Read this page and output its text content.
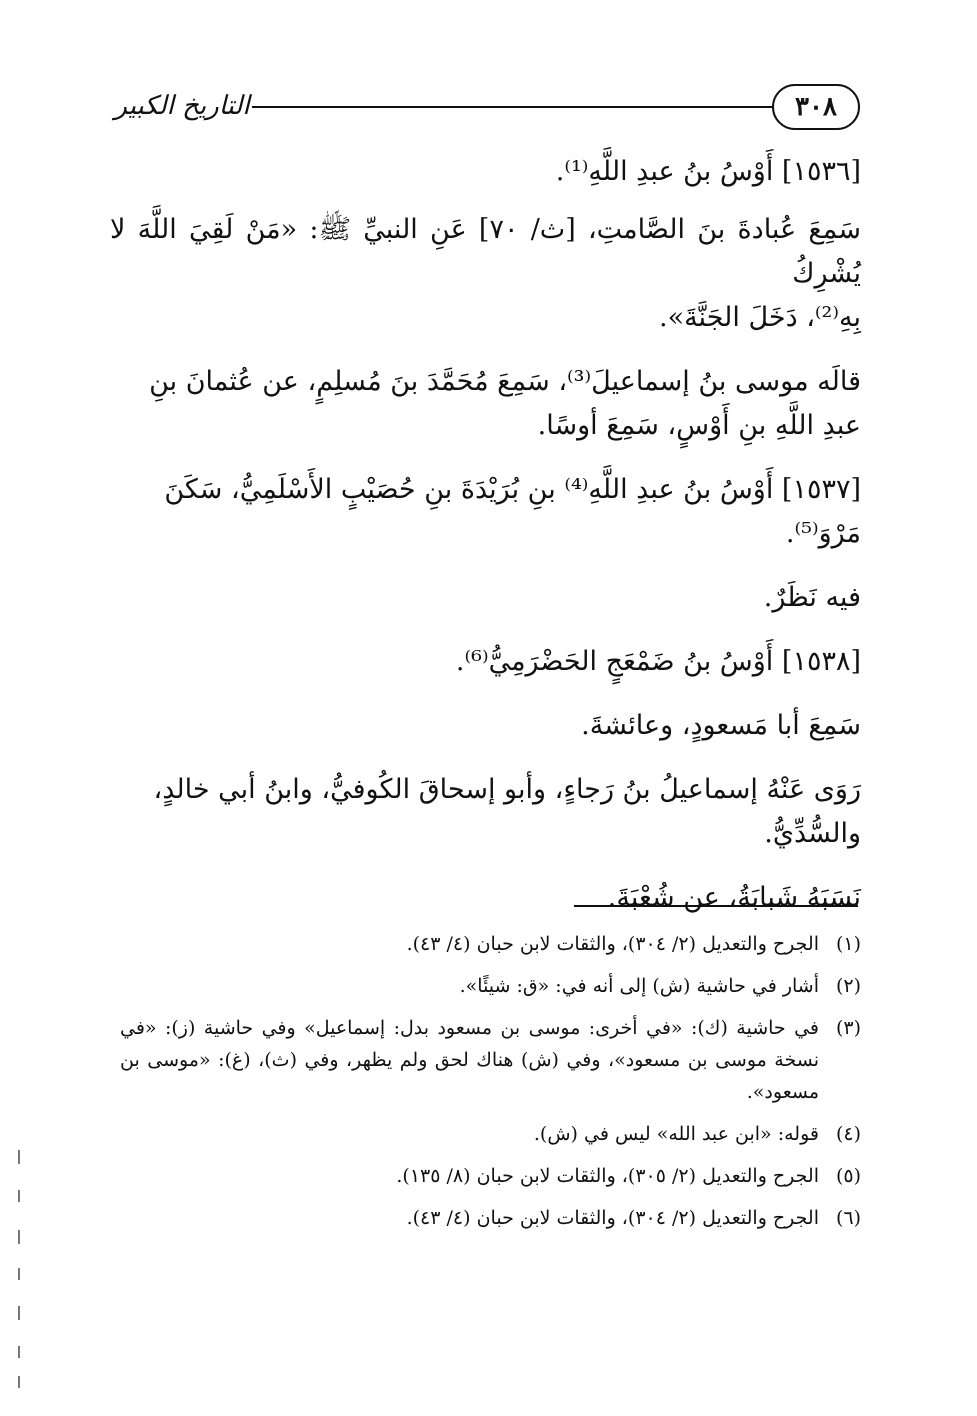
٣٠٨
التاريخ الكبير

[١٥٣٦] أَوْسُ بنُ عبدِ اللَّهِ⁽¹⁾.

سَمِعَ عُبادةَ بنَ الصَّامتِ، [ث/ ٧٠] عَنِ النبيِّ ﷺ: «مَنْ لَقِيَ اللَّهَ لا يُشْرِكُ

بِهِ⁽²⁾، دَخَلَ الجَنَّةَ».

قالَه موسى بنُ إسماعيلَ⁽³⁾، سَمِعَ مُحَمَّدَ بنَ مُسلِمٍ، عن عُثمانَ بنِ

عبدِ اللَّهِ بنِ أَوْسٍ، سَمِعَ أوسًا.

[١٥٣٧] أَوْسُ بنُ عبدِ اللَّهِ⁽⁴⁾ بنِ بُرَيْدَةَ بنِ حُصَيْبٍ الأَسْلَمِيُّ، سَكَنَ

مَرْوَ⁽⁵⁾.

فيه نَظَرٌ.

[١٥٣٨] أَوْسُ بنُ ضَمْعَجٍ الحَضْرَمِيُّ⁽⁶⁾.

سَمِعَ أبا مَسعودٍ، وعائشةَ.

رَوَى عَنْهُ إسماعيلُ بنُ رَجاءٍ، وأبو إسحاقَ الكُوفيُّ، وابنُ أبي خالدٍ،

والسُّدِّيُّ.

نَسَبَهُ شَبابَةُ، عن شُعْبَةَ.

(١)
الجرح والتعديل (٢/ ٣٠٤)، والثقات لابن حبان (٤/ ٤٣).
(٢)
أشار في حاشية (ش) إلى أنه في: «ق: شيئًا».
(٣)
في حاشية (ك): «في أخرى: موسى بن مسعود بدل: إسماعيل» وفي حاشية (ز): «في نسخة موسى بن مسعود»، وفي (ش) هناك لحق ولم يظهر، وفي (ث)، (غ): «موسى بن مسعود».
(٤)
قوله: «ابن عبد الله» ليس في (ش).
(٥)
الجرح والتعديل (٢/ ٣٠٥)، والثقات لابن حبان (٨/ ١٣٥).
(٦)
الجرح والتعديل (٢/ ٣٠٤)، والثقات لابن حبان (٤/ ٤٣).
